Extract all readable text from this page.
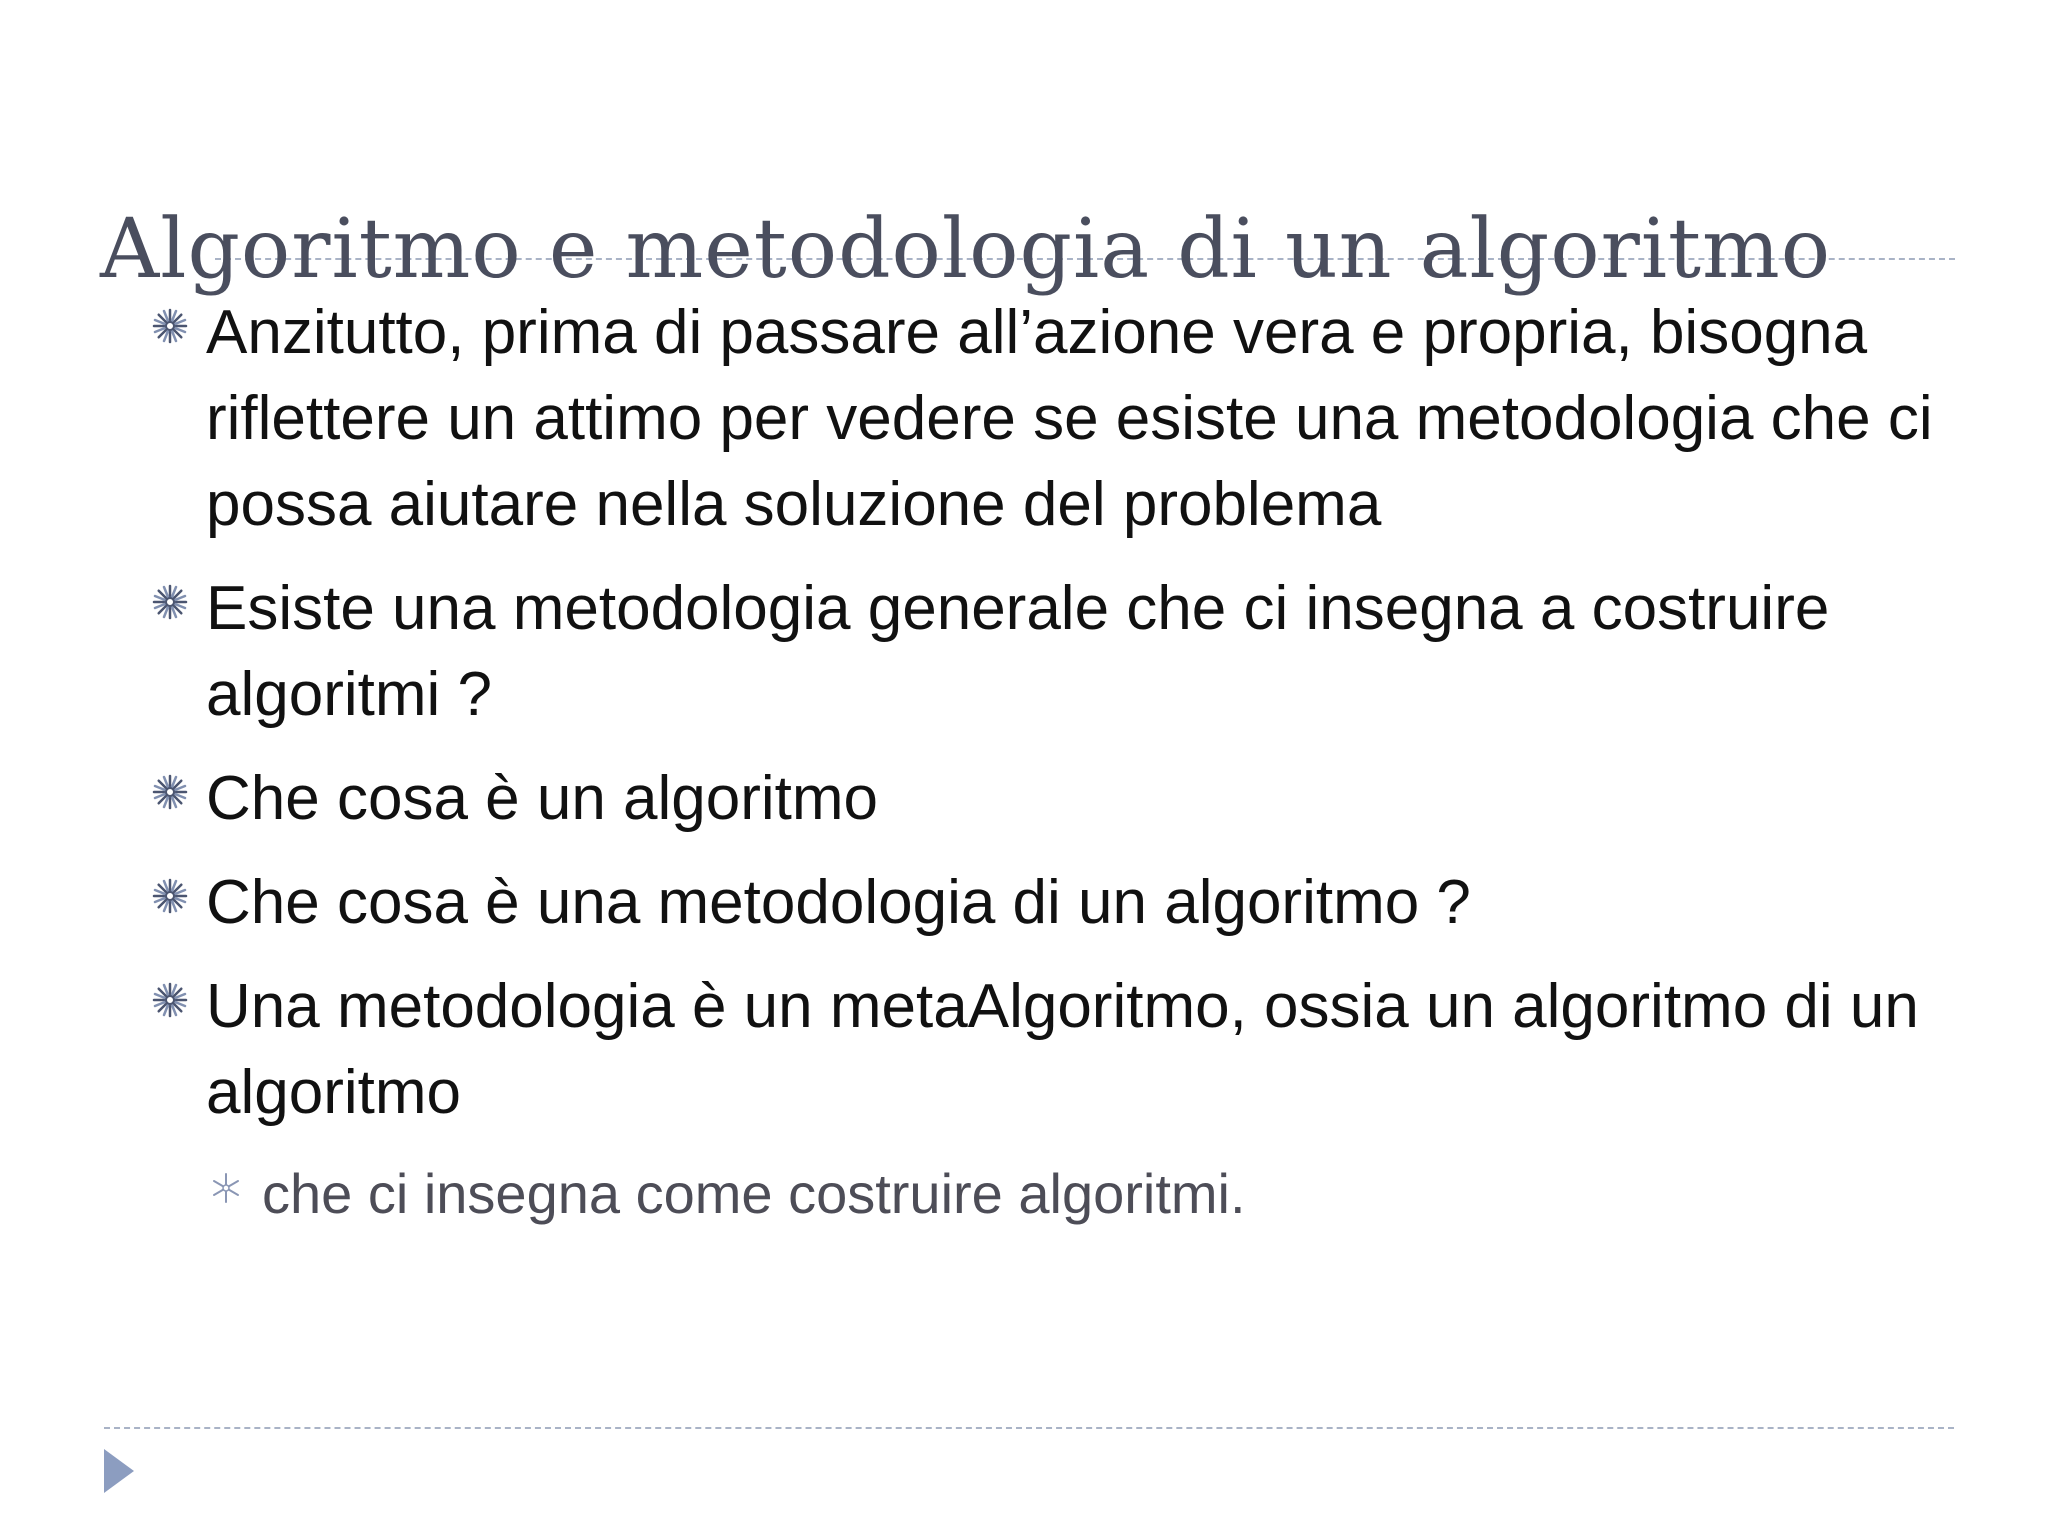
Algoritmo e metodologia di un algoritmo
Anzitutto, prima di passare all’azione vera e propria, bisogna riflettere un attimo per vedere se esiste una metodologia che ci possa aiutare nella soluzione del problema
Esiste una metodologia generale che ci insegna a costruire algoritmi ?
Che cosa è un algoritmo
Che cosa è una metodologia di un algoritmo ?
Una metodologia è un metaAlgoritmo, ossia un algoritmo di un algoritmo
che ci insegna come costruire algoritmi.
